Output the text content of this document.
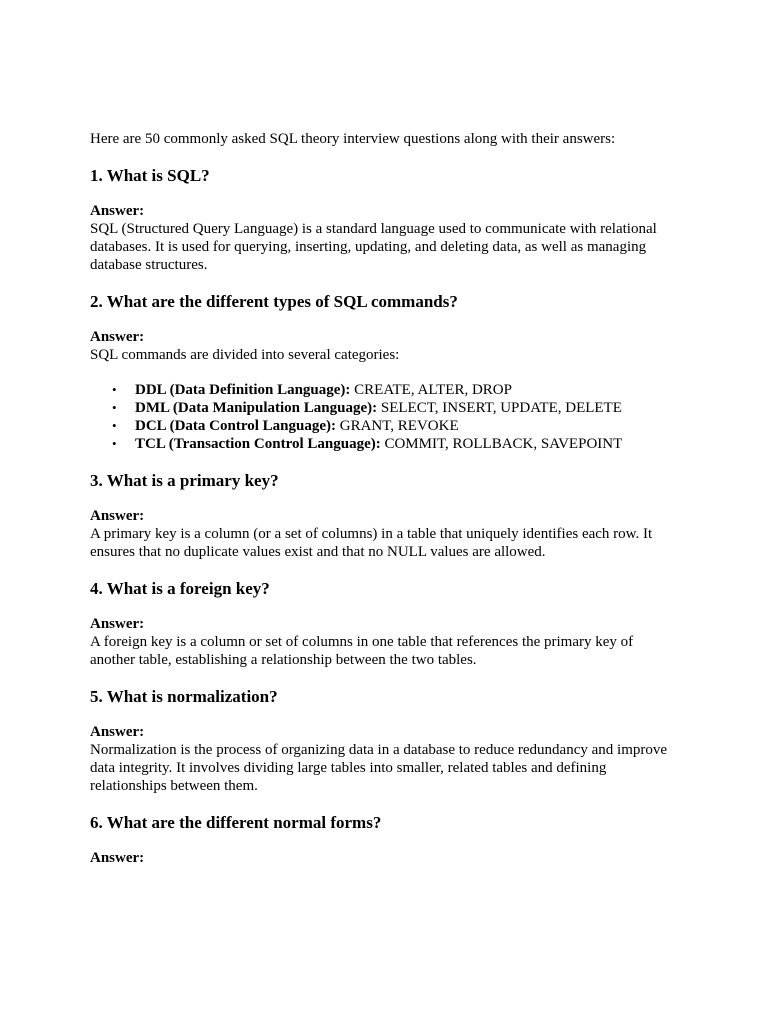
Here are 50 commonly asked SQL theory interview questions along with their answers:

1. What is SQL?
Answer:

SQL (Structured Query Language) is a standard language used to communicate with relational databases. It is used for querying, inserting, updating, and deleting data, as well as managing database structures.

2. What are the different types of SQL commands?
Answer:

SQL commands are divided into several categories:

• DDL (Data Definition Language): CREATE, ALTER, DROP
• DML (Data Manipulation Language): SELECT, INSERT, UPDATE, DELETE
• DCL (Data Control Language): GRANT, REVOKE
• TCL (Transaction Control Language): COMMIT, ROLLBACK, SAVEPOINT
3. What is a primary key?
Answer:

A primary key is a column (or a set of columns) in a table that uniquely identifies each row. It ensures that no duplicate values exist and that no NULL values are allowed.

4. What is a foreign key?
Answer:

A foreign key is a column or set of columns in one table that references the primary key of another table, establishing a relationship between the two tables.

5. What is normalization?
Answer:

Normalization is the process of organizing data in a database to reduce redundancy and improve data integrity. It involves dividing large tables into smaller, related tables and defining relationships between them.

6. What are the different normal forms?
Answer:
